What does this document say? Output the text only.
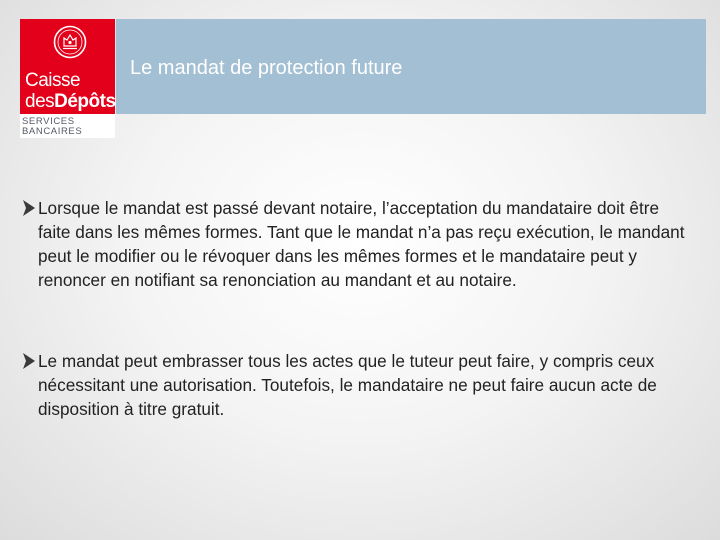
Le mandat de protection future
Caisse
desDépôts
SERVICES
BANCAIRES
Lorsque le mandat est passé devant notaire, l’acceptation du mandataire doit être faite dans les mêmes formes. Tant que le mandat n’a pas reçu exécution, le mandant peut le modifier ou le révoquer dans les mêmes formes et le mandataire peut y renoncer en notifiant sa renonciation au mandant et au notaire.
Le mandat peut embrasser tous les actes que le tuteur peut faire, y compris ceux nécessitant une autorisation. Toutefois, le mandataire ne peut faire aucun acte de disposition à titre gratuit.
